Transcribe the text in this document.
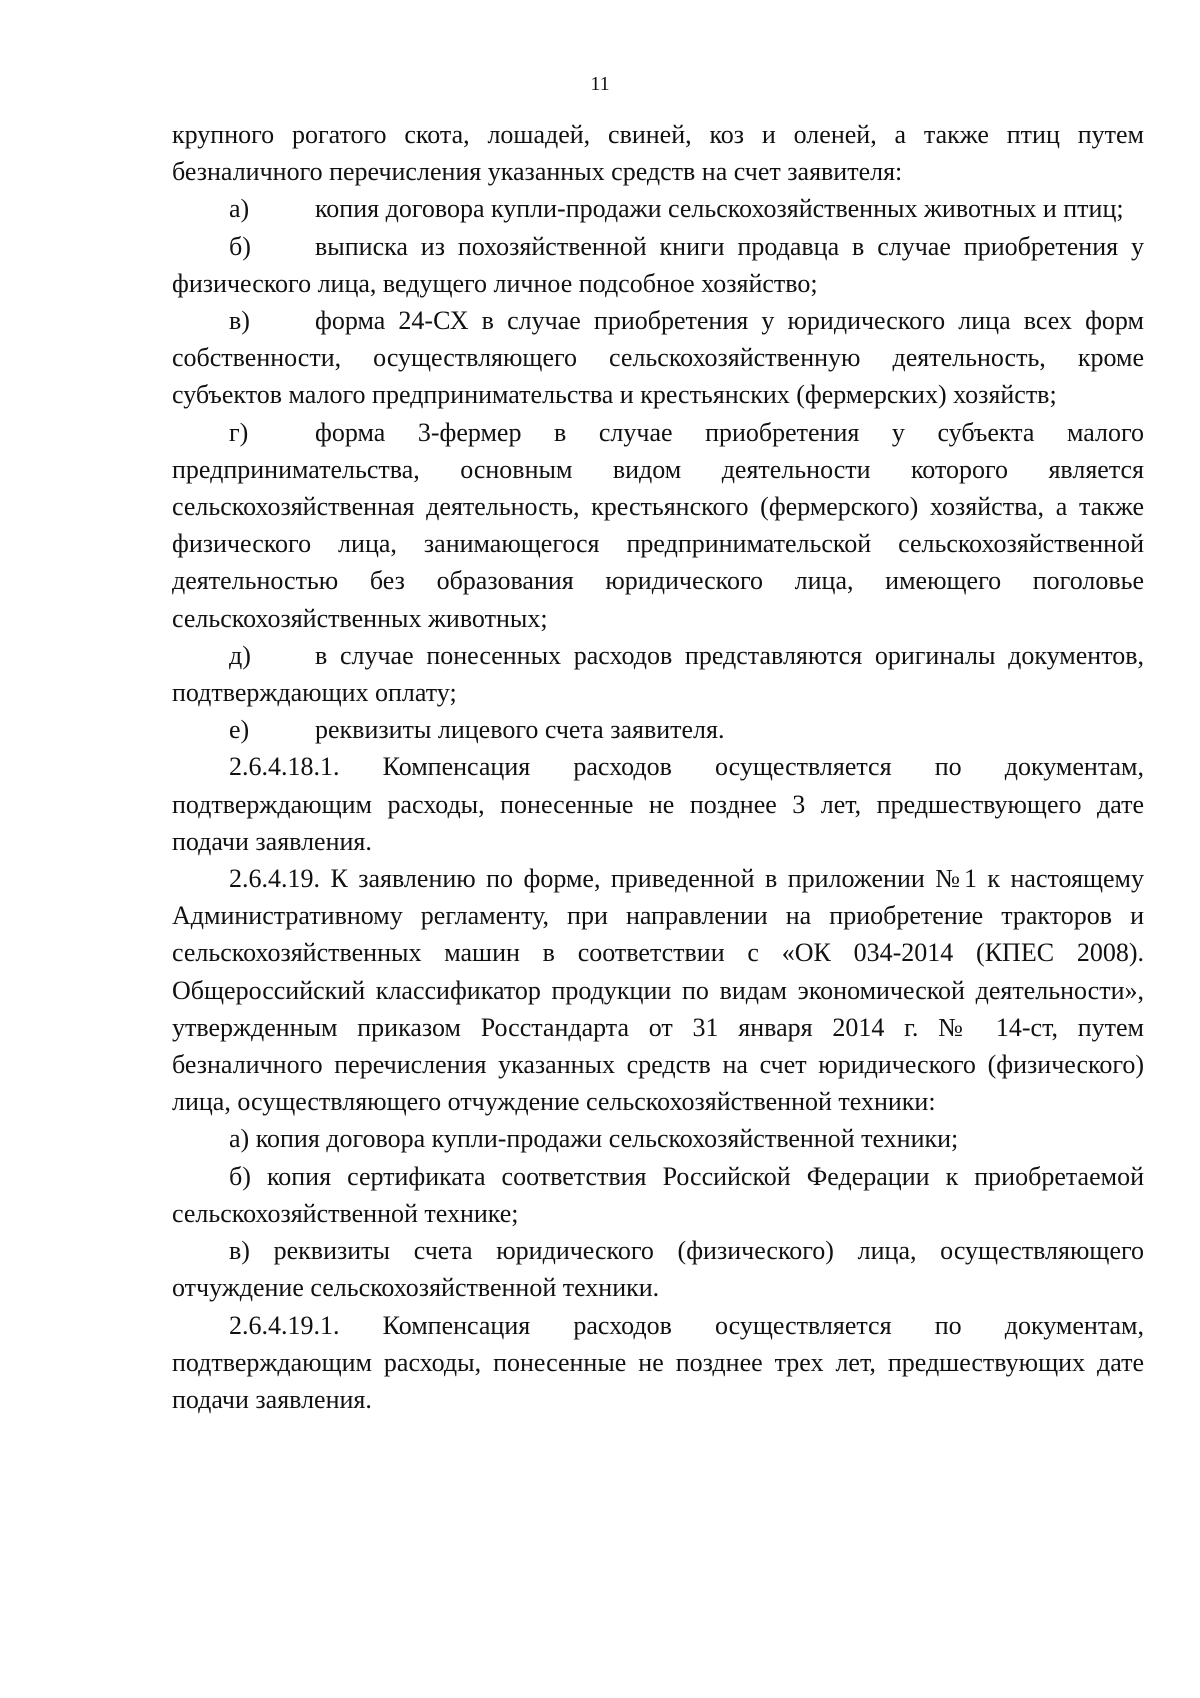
11

крупного рогатого скота, лошадей, свиней, коз и оленей, а также птиц путем безналичного перечисления указанных средств на счет заявителя:

а)	копия договора купли-продажи сельскохозяйственных животных и птиц;

б) выписка из похозяйственной книги продавца в случае приобретения у физического лица, ведущего личное подсобное хозяйство;

в)	форма 24-СХ в случае приобретения у юридического лица всех форм собственности, осуществляющего сельскохозяйственную деятельность, кроме субъектов малого предпринимательства и крестьянских (фермерских) хозяйств;

г)	форма 3-фермер в случае приобретения у субъекта малого предпринимательства, основным видом деятельности которого является сельскохозяйственная деятельность, крестьянского (фермерского) хозяйства, а также физического лица, занимающегося предпринимательской сельскохозяйственной деятельностью без образования юридического лица, имеющего поголовье сельскохозяйственных животных;

д) в случае понесенных расходов представляются оригиналы документов, подтверждающих оплату;

е)	реквизиты лицевого счета заявителя.

2.6.4.18.1. Компенсация расходов осуществляется по документам, подтверждающим расходы, понесенные не позднее 3 лет, предшествующего дате подачи заявления.

2.6.4.19. К заявлению по форме, приведенной в приложении №1 к настоящему Административному регламенту, при направлении на приобретение тракторов и сельскохозяйственных машин в соответствии с «ОК 034-2014 (КПЕС 2008). Общероссийский классификатор продукции по видам экономической деятельности», утвержденным приказом Росстандарта от 31 января 2014 г. № 14-ст, путем безналичного перечисления указанных средств на счет юридического (физического) лица, осуществляющего отчуждение сельскохозяйственной техники:

а) копия договора купли-продажи сельскохозяйственной техники;

б) копия сертификата соответствия Российской Федерации к приобретаемой сельскохозяйственной технике;

в) реквизиты счета юридического (физического) лица, осуществляющего отчуждение сельскохозяйственной техники.

2.6.4.19.1. Компенсация расходов осуществляется по документам, подтверждающим расходы, понесенные не позднее трех лет, предшествующих дате подачи заявления.
